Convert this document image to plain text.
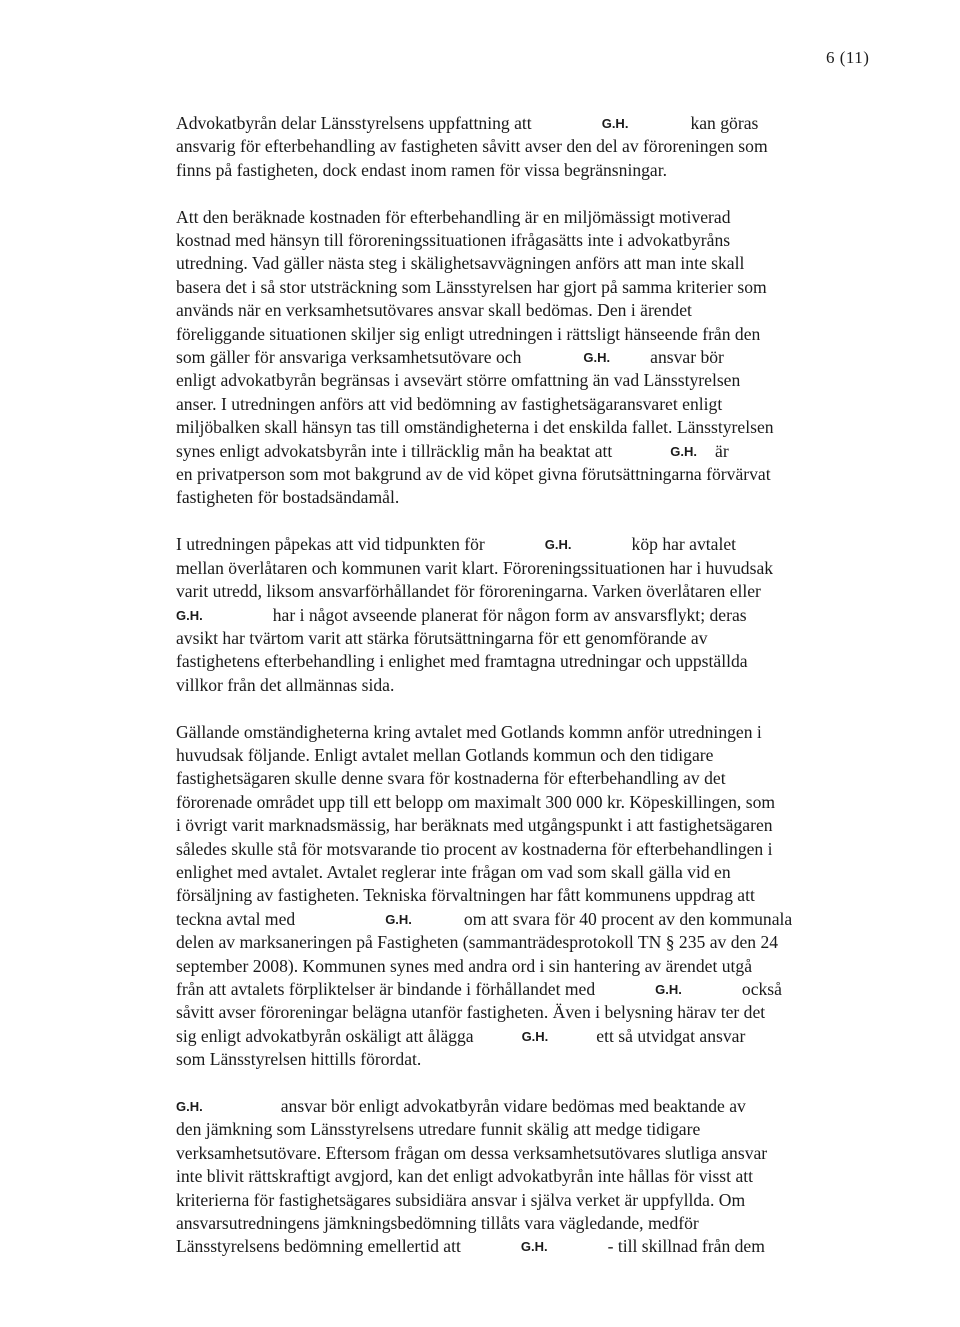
6 (11)

Advokatbyrån delar Länsstyrelsens uppfattning att	G.H.	kan göras
ansvarig för efterbehandling av fastigheten såvitt avser den del av föroreningen som
finns på fastigheten, dock endast inom ramen för vissa begränsningar.

Att den beräknade kostnaden för efterbehandling är en miljömässigt motiverad
kostnad med hänsyn till föroreningssituationen ifrågasätts inte i advokatbyråns
utredning. Vad gäller nästa steg i skälighetsavvägningen anförs att man inte skall
basera det i så stor utsträckning som Länsstyrelsen har gjort på samma kriterier som
används när en verksamhetsutövares ansvar skall bedömas. Den i ärendet
föreliggande situationen skiljer sig enligt utredningen i rättsligt hänseende från den
som gäller för ansvariga verksamhetsutövare och	G.H. ansvar bör
enligt advokatbyrån begränsas i avsevärt större omfattning än vad Länsstyrelsen
anser. I utredningen anförs att vid bedömning av fastighetsägaransvaret enligt
miljöbalken skall hänsyn tas till omständigheterna i det enskilda fallet. Länsstyrelsen
synes enligt advokatsbyrån inte i tillräcklig mån ha beaktat att	G.H. är
en privatperson som mot bakgrund av de vid köpet givna förutsättningarna förvärvat
fastigheten för bostadsändamål.

I utredningen påpekas att vid tidpunkten för	G.H.	köp har avtalet
mellan överlåtaren och kommunen varit klart. Föroreningssituationen har i huvudsak
varit utredd, liksom ansvarförhållandet för föroreningarna. Varken överlåtaren eller
G.H.	har i något avseende planerat för någon form av ansvarsflykt; deras
avsikt har tvärtom varit att stärka förutsättningarna för ett genomförande av
fastighetens efterbehandling i enlighet med framtagna utredningar och uppställda
villkor från det allmännas sida.

Gällande omständigheterna kring avtalet med Gotlands kommn anför utredningen i
huvudsak följande. Enligt avtalet mellan Gotlands kommun och den tidigare
fastighetsägaren skulle denne svara för kostnaderna för efterbehandling av det
förorenade området upp till ett belopp om maximalt 300 000 kr. Köpeskillingen, som
i övrigt varit marknadsmässig, har beräknats med utgångspunkt i att fastighetsägaren
således skulle stå för motsvarande tio procent av kostnaderna för efterbehandlingen i
enlighet med avtalet. Avtalet reglerar inte frågan om vad som skall gälla vid en
försäljning av fastigheten. Tekniska förvaltningen har fått kommunens uppdrag att
teckna avtal med	G.H.	om att svara för 40 procent av den kommunala
delen av marksaneringen på Fastigheten (sammanträdesprotokoll TN § 235 av den 24
september 2008). Kommunen synes med andra ord i sin hantering av ärendet utgå
från att avtalets förpliktelser är bindande i förhållandet med	G.H.	också
såvitt avser föroreningar belägna utanför fastigheten. Även i belysning härav ter det
sig enligt advokatbyrån oskäligt att ålägga	G.H.	ett så utvidgat ansvar
som Länsstyrelsen hittills förordat.

G.H.	ansvar bör enligt advokatbyrån vidare bedömas med beaktande av
den jämkning som Länsstyrelsens utredare funnit skälig att medge tidigare
verksamhetsutövare. Eftersom frågan om dessa verksamhetsutövares slutliga ansvar
inte blivit rättskraftigt avgjord, kan det enligt advokatbyrån inte hållas för visst att
kriterierna för fastighetsägares subsidiära ansvar i själva verket är uppfyllda. Om
ansvarsutredningens jämkningsbedömning tillåts vara vägledande, medför
Länsstyrelsens bedömning emellertid att	G.H.	- till skillnad från dem
